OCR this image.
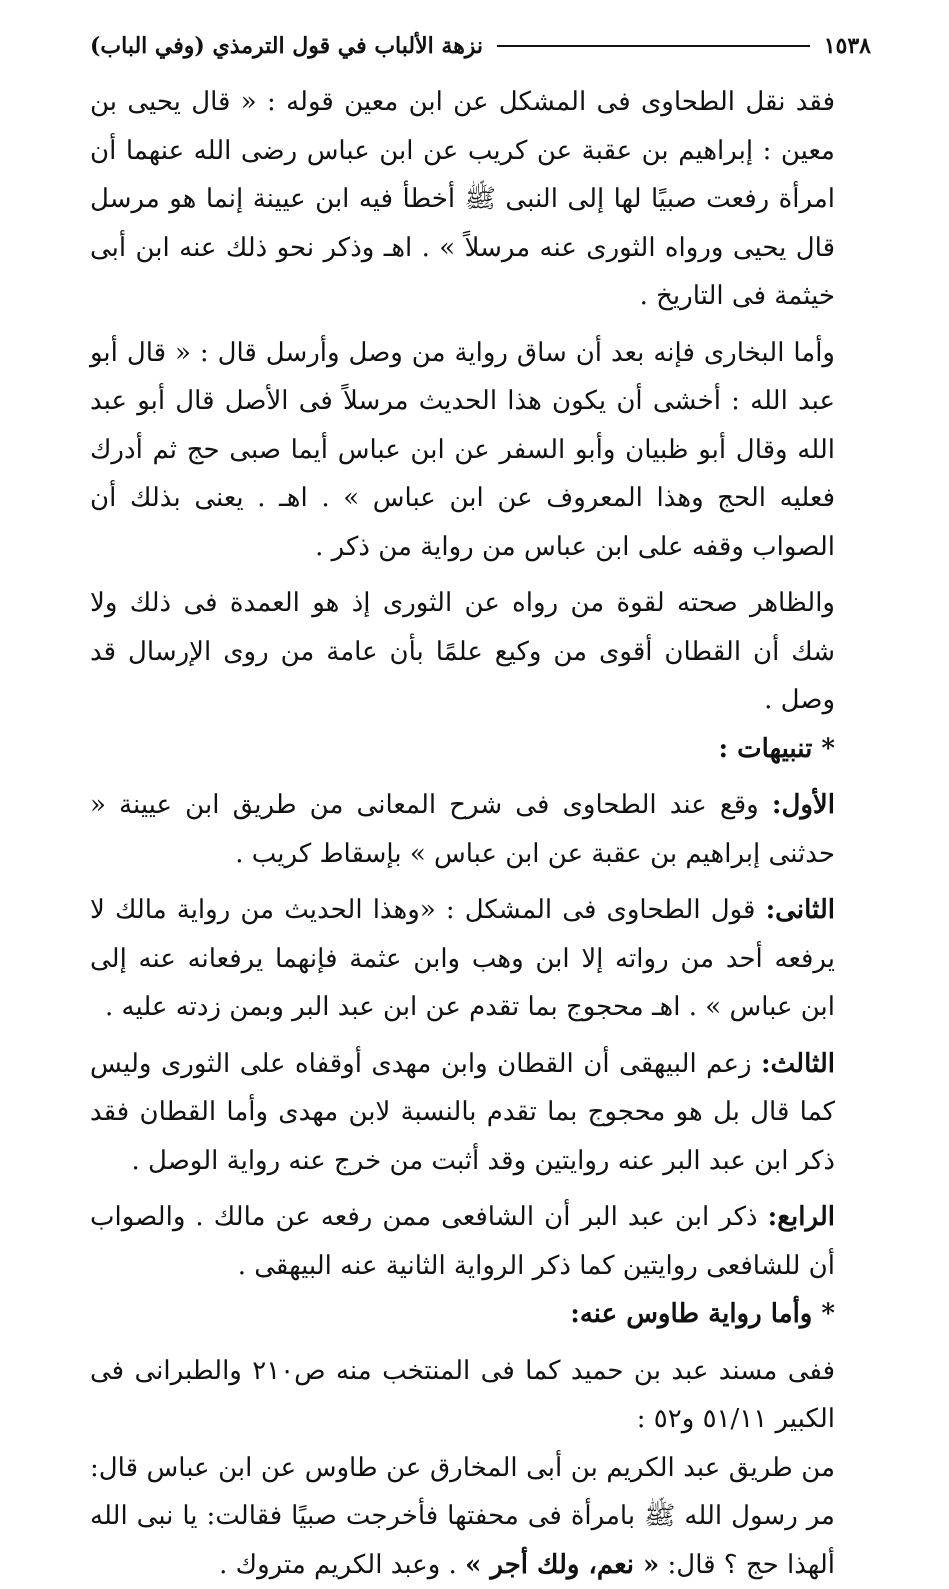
١٥٣٨
نزهة الألباب في قول الترمذي (وفي الباب)

فقد نقل الطحاوى فى المشكل عن ابن معين قوله : « قال يحيى بن معين : إبراهيم بن عقبة عن كريب عن ابن عباس رضى الله عنهما أن امرأة رفعت صبيًا لها إلى النبى ﷺ أخطأ فيه ابن عيينة إنما هو مرسل قال يحيى ورواه الثورى عنه مرسلاً » . اهـ وذكر نحو ذلك عنه ابن أبى خيثمة فى التاريخ .

وأما البخارى فإنه بعد أن ساق رواية من وصل وأرسل قال : « قال أبو عبد الله : أخشى أن يكون هذا الحديث مرسلاً فى الأصل قال أبو عبد الله وقال أبو ظبيان وأبو السفر عن ابن عباس أيما صبى حج ثم أدرك فعليه الحج وهذا المعروف عن ابن عباس » . اهـ . يعنى بذلك أن الصواب وقفه على ابن عباس من رواية من ذكر .

والظاهر صحته لقوة من رواه عن الثورى إذ هو العمدة فى ذلك ولا شك أن القطان أقوى من وكيع علمًا بأن عامة من روى الإرسال قد وصل .

* تنبيهات :

الأول: وقع عند الطحاوى فى شرح المعانى من طريق ابن عيينة « حدثنى إبراهيم بن عقبة عن ابن عباس » بإسقاط كريب .

الثانى: قول الطحاوى فى المشكل : «وهذا الحديث من رواية مالك لا يرفعه أحد من رواته إلا ابن وهب وابن عثمة فإنهما يرفعانه عنه إلى ابن عباس » . اهـ محجوج بما تقدم عن ابن عبد البر وبمن زدته عليه .

الثالث: زعم البيهقى أن القطان وابن مهدى أوقفاه على الثورى وليس كما قال بل هو محجوج بما تقدم بالنسبة لابن مهدى وأما القطان فقد ذكر ابن عبد البر عنه روايتين وقد أثبت من خرج عنه رواية الوصل .

الرابع: ذكر ابن عبد البر أن الشافعى ممن رفعه عن مالك . والصواب أن للشافعى روايتين كما ذكر الرواية الثانية عنه البيهقى .

* وأما رواية طاوس عنه:

ففى مسند عبد بن حميد كما فى المنتخب منه ص٢١٠ والطبرانى فى الكبير ٥١/١١ و٥٢ :

من طريق عبد الكريم بن أبى المخارق عن طاوس عن ابن عباس قال: مر رسول الله ﷺ بامرأة فى محفتها فأخرجت صبيًا فقالت: يا نبى الله ألهذا حج ؟ قال: « نعم، ولك أجر » . وعبد الكريم متروك .
